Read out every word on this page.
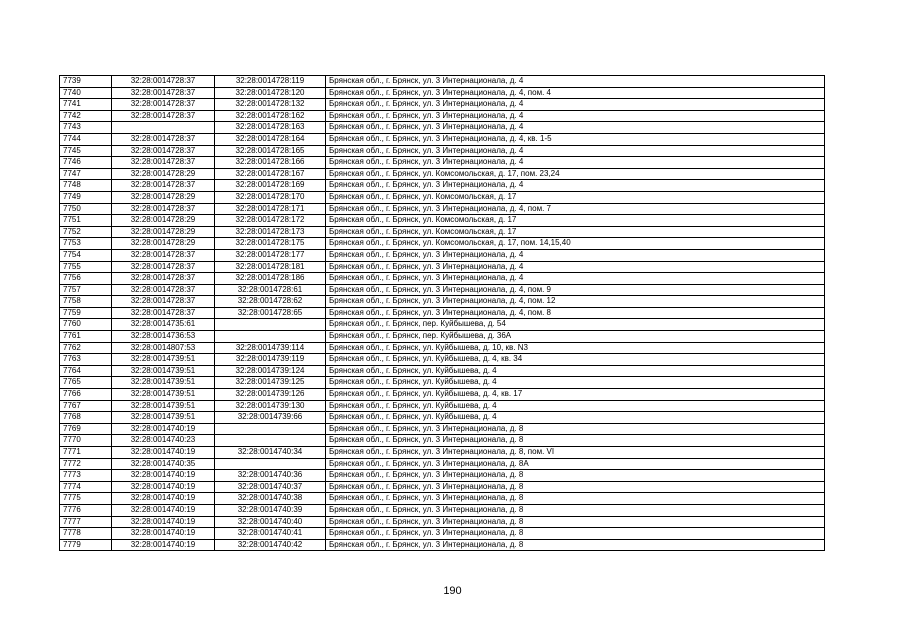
7739	32:28:0014728:37	32:28:0014728:119	Брянская обл., г. Брянск, ул. 3 Интернационала, д. 4
7740	32:28:0014728:37	32:28:0014728:120	Брянская обл., г. Брянск, ул. 3 Интернационала, д. 4, пом. 4
7741	32:28:0014728:37	32:28:0014728:132	Брянская обл., г. Брянск, ул. 3 Интернационала, д. 4
7742	32:28:0014728:37	32:28:0014728:162	Брянская обл., г. Брянск, ул. 3 Интернационала, д. 4
7743		32:28:0014728:163	Брянская обл., г. Брянск, ул. 3 Интернационала, д. 4
7744	32:28:0014728:37	32:28:0014728:164	Брянская обл., г. Брянск, ул. 3 Интернационала, д. 4, кв. 1-5
7745	32:28:0014728:37	32:28:0014728:165	Брянская обл., г. Брянск, ул. 3 Интернационала, д. 4
7746	32:28:0014728:37	32:28:0014728:166	Брянская обл., г. Брянск, ул. 3 Интернационала, д. 4
7747	32:28:0014728:29	32:28:0014728:167	Брянская обл., г. Брянск, ул. Комсомольская, д. 17, пом. 23,24
7748	32:28:0014728:37	32:28:0014728:169	Брянская обл., г. Брянск, ул. 3 Интернационала, д. 4
7749	32:28:0014728:29	32:28:0014728:170	Брянская обл., г. Брянск, ул. Комсомольская, д. 17
7750	32:28:0014728:37	32:28:0014728:171	Брянская обл., г. Брянск, ул. 3 Интернационала, д. 4, пом. 7
7751	32:28:0014728:29	32:28:0014728:172	Брянская обл., г. Брянск, ул. Комсомольская, д. 17
7752	32:28:0014728:29	32:28:0014728:173	Брянская обл., г. Брянск, ул. Комсомольская, д. 17
7753	32:28:0014728:29	32:28:0014728:175	Брянская обл., г. Брянск, ул. Комсомольская, д. 17, пом. 14,15,40
7754	32:28:0014728:37	32:28:0014728:177	Брянская обл., г. Брянск, ул. 3 Интернационала, д. 4
7755	32:28:0014728:37	32:28:0014728:181	Брянская обл., г. Брянск, ул. 3 Интернационала, д. 4
7756	32:28:0014728:37	32:28:0014728:186	Брянская обл., г. Брянск, ул. 3 Интернационала, д. 4
7757	32:28:0014728:37	32:28:0014728:61	Брянская обл., г. Брянск, ул. 3 Интернационала, д. 4, пом. 9
7758	32:28:0014728:37	32:28:0014728:62	Брянская обл., г. Брянск, ул. 3 Интернационала, д. 4, пом. 12
7759	32:28:0014728:37	32:28:0014728:65	Брянская обл., г. Брянск, ул. 3 Интернационала, д. 4, пом. 8
7760	32:28:0014735:61		Брянская обл., г. Брянск, пер. Куйбышева, д. 54
7761	32:28:0014736:53		Брянская обл., г. Брянск, пер. Куйбышева, д. 36А
7762	32:28:0014807:53	32:28:0014739:114	Брянская обл., г. Брянск, ул. Куйбышева, д. 10, кв. N3
7763	32:28:0014739:51	32:28:0014739:119	Брянская обл., г. Брянск, ул. Куйбышева, д. 4, кв. 34
7764	32:28:0014739:51	32:28:0014739:124	Брянская обл., г. Брянск, ул. Куйбышева, д. 4
7765	32:28:0014739:51	32:28:0014739:125	Брянская обл., г. Брянск, ул. Куйбышева, д. 4
7766	32:28:0014739:51	32:28:0014739:126	Брянская обл., г. Брянск, ул. Куйбышева, д. 4, кв. 17
7767	32:28:0014739:51	32:28:0014739:130	Брянская обл., г. Брянск, ул. Куйбышева, д. 4
7768	32:28:0014739:51	32:28:0014739:66	Брянская обл., г. Брянск, ул. Куйбышева, д. 4
7769	32:28:0014740:19		Брянская обл., г. Брянск, ул. 3 Интернационала, д. 8
7770	32:28:0014740:23		Брянская обл., г. Брянск, ул. 3 Интернационала, д. 8
7771	32:28:0014740:19	32:28:0014740:34	Брянская обл., г. Брянск, ул. 3 Интернационала, д. 8, пом. VI
7772	32:28:0014740:35		Брянская обл., г. Брянск, ул. 3 Интернационала, д. 8А
7773	32:28:0014740:19	32:28:0014740:36	Брянская обл., г. Брянск, ул. 3 Интернационала, д. 8
7774	32:28:0014740:19	32:28:0014740:37	Брянская обл., г. Брянск, ул. 3 Интернационала, д. 8
7775	32:28:0014740:19	32:28:0014740:38	Брянская обл., г. Брянск, ул. 3 Интернационала, д. 8
7776	32:28:0014740:19	32:28:0014740:39	Брянская обл., г. Брянск, ул. 3 Интернационала, д. 8
7777	32:28:0014740:19	32:28:0014740:40	Брянская обл., г. Брянск, ул. 3 Интернационала, д. 8
7778	32:28:0014740:19	32:28:0014740:41	Брянская обл., г. Брянск, ул. 3 Интернационала, д. 8
7779	32:28:0014740:19	32:28:0014740:42	Брянская обл., г. Брянск, ул. 3 Интернационала, д. 8
190
